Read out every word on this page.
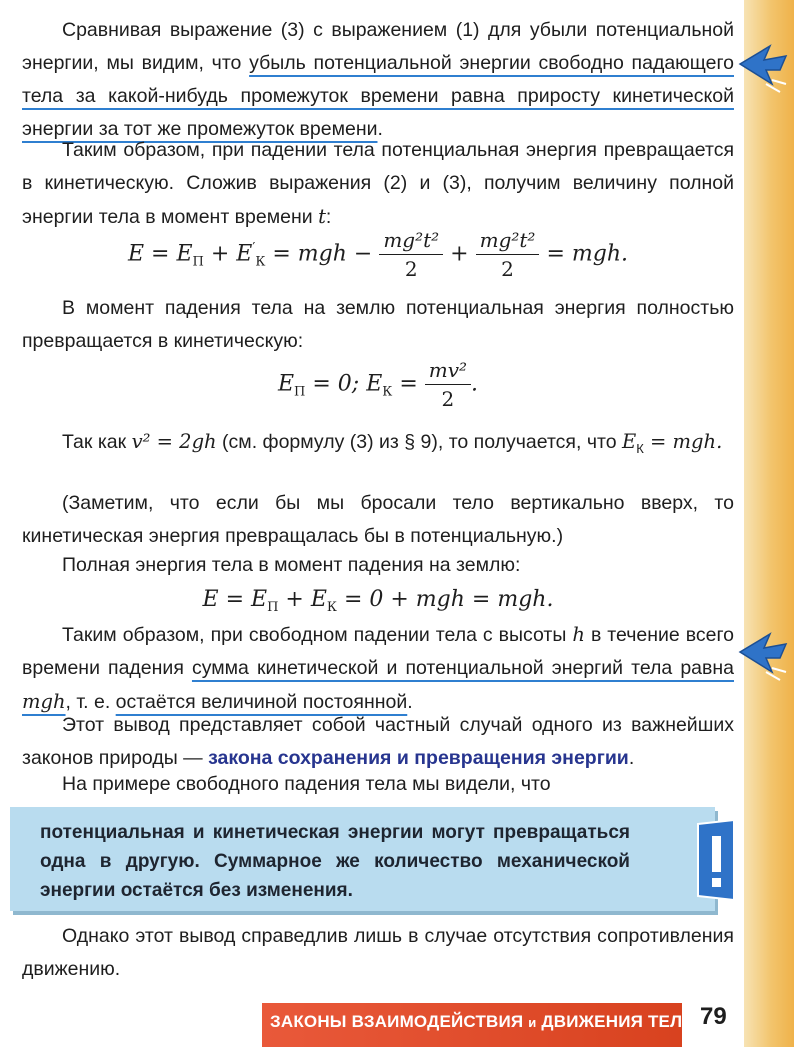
Сравнивая выражение (3) с выражением (1) для убыли потенциальной энергии, мы видим, что убыль потенциальной энергии свободно падающего тела за какой-нибудь промежуток времени равна приросту кинетической энергии за тот же промежуток времени.
Таким образом, при падении тела потенциальная энергия превращается в кинетическую. Сложив выражения (2) и (3), получим величину полной энергии тела в момент времени t:
$E = E_П + E'_К$ = mgh − $\frac{\text{mg²t²}}{2} + \frac{\text{mg²t²}}{2}$ = mgh.
В момент падения тела на землю потенциальная энергия полностью превращается в кинетическую:
$E_П = 0$; $E_К = \frac{\text{mv²}}{2}$ .
Так как v² = 2gh (см. формулу (3) из § 9), то получается, что $E_К$ = mgh.
(Заметим, что если бы мы бросали тело вертикально вверх, то кинетическая энергия превращалась бы в потенциальную.)
Полная энергия тела в момент падения на землю:
$E = E_П + E_К = 0$ + mgh = mgh.
Таким образом, при свободном падении тела с высоты h в течение всего времени падения сумма кинетической и потенциальной энергий тела равна mgh, т. е. остаётся величиной постоянной.
Этот вывод представляет собой частный случай одного из важнейших законов природы — закона сохранения и превращения энергии.
На примере свободного падения тела мы видели, что
Однако этот вывод справедлив лишь в случае отсутствия сопротивления движению.
потенциальная и кинетическая энергии могут превращаться одна в другую. Суммарное же количество механической энергии остаётся без изменения.
ЗАКОНЫ ВЗАИМОДЕЙСТВИЯ и ДВИЖЕНИЯ ТЕЛ 79
